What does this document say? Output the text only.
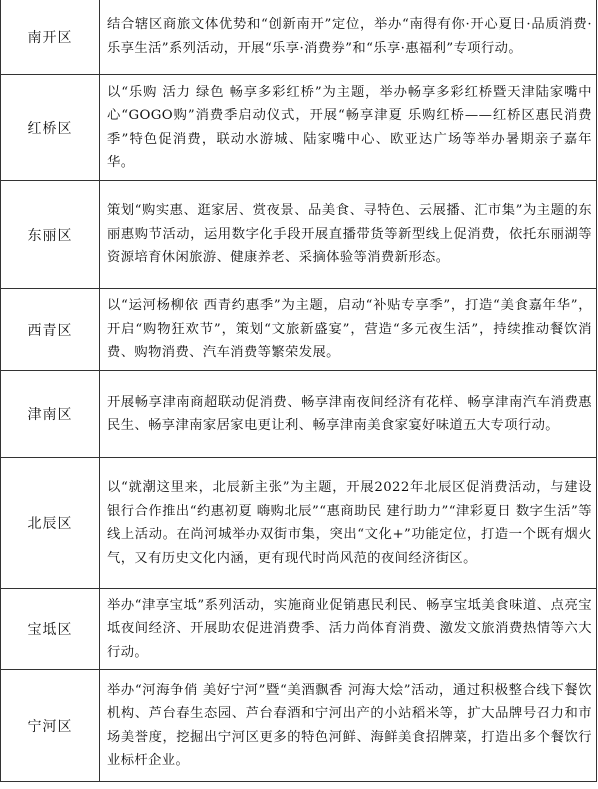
南开区	结合辖区商旅文体优势和“创新南开”定位，举办“南得有你·开心夏日·品质消费·乐享生活”系列活动，开展“乐享·消费券”和“乐享·惠福利”专项行动。
红桥区	以“乐购 活力 绿色 畅享多彩红桥”为主题，举办畅享多彩红桥暨天津陆家嘴中心“GOGO购”消费季启动仪式，开展“畅享津夏 乐购红桥——红桥区惠民消费季”特色促消费，联动水游城、陆家嘴中心、欧亚达广场等举办暑期亲子嘉年华。
东丽区	策划“购实惠、逛家居、赏夜景、品美食、寻特色、云展播、汇市集”为主题的东丽惠购节活动，运用数字化手段开展直播带货等新型线上促消费，依托东丽湖等资源培育休闲旅游、健康养老、采摘体验等消费新形态。
西青区	以“运河杨柳依 西青约惠季”为主题，启动“补贴专享季”，打造“美食嘉年华”，开启“购物狂欢节”，策划“文旅新盛宴”，营造“多元夜生活”，持续推动餐饮消费、购物消费、汽车消费等繁荣发展。
津南区	开展畅享津南商超联动促消费、畅享津南夜间经济有花样、畅享津南汽车消费惠民生、畅享津南家居家电更让利、畅享津南美食家宴好味道五大专项行动。
北辰区	以“就潮这里来，北辰新主张”为主题，开展2022年北辰区促消费活动，与建设银行合作推出“约惠初夏 嗨购北辰”“惠商助民 建行助力”“津彩夏日 数字生活”等线上活动。在尚河城举办双街市集，突出“文化+”功能定位，打造一个既有烟火气，又有历史文化内涵，更有现代时尚风范的夜间经济街区。
宝坻区	举办“津享宝坻”系列活动，实施商业促销惠民利民、畅享宝坻美食味道、点亮宝坻夜间经济、开展助农促进消费季、活力尚体育消费、激发文旅消费热情等六大行动。
宁河区	举办“河海争俏 美好宁河”暨“美酒飘香 河海大烩”活动，通过积极整合线下餐饮机构、芦台春生态园、芦台春酒和宁河出产的小站稻米等，扩大品牌号召力和市场美誉度，挖掘出宁河区更多的特色河鲜、海鲜美食招牌菜，打造出多个餐饮行业标杆企业。
